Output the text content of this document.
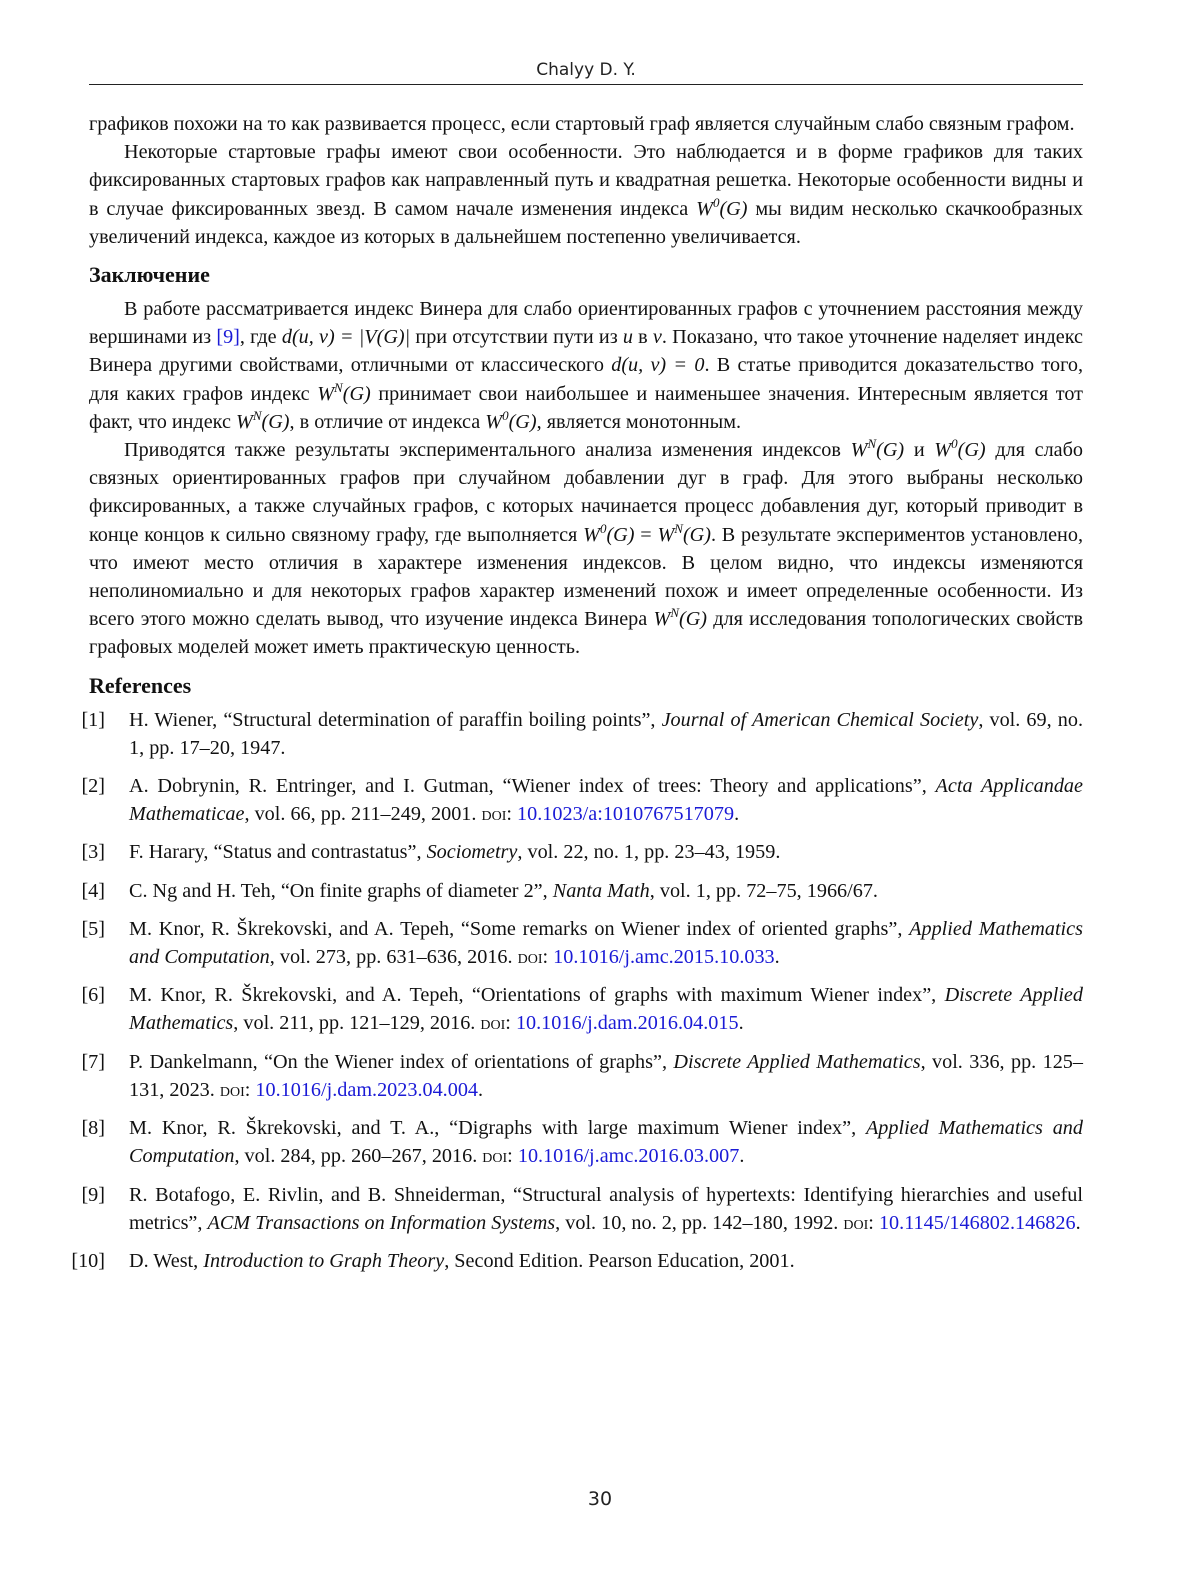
Chalyy D. Y.

графиков похожи на то как развивается процесс, если стартовый граф является случайным слабо связным графом.

Некоторые стартовые графы имеют свои особенности. Это наблюдается и в форме графиков для таких фиксированных стартовых графов как направленный путь и квадратная решетка. Некоторые особенности видны и в случае фиксированных звезд. В самом начале изменения индекса $W^0(G)$ мы видим несколько скачкообразных увеличений индекса, каждое из которых в дальнейшем постепенно увеличивается.

Заключение

В работе рассматривается индекс Винера для слабо ориентированных графов с уточнением расстояния между вершинами из [9], где d(u, v) = |V(G)| при отсутствии пути из u в v. Показано, что такое уточнение наделяет индекс Винера другими свойствами, отличными от классического d(u, v) = 0. В статье приводится доказательство того, для каких графов индекс $W^N(G)$ принимает свои наибольшее и наименьшее значения. Интересным является тот факт, что индекс $W^N(G)$, в отличие от индекса $W^0(G)$, является монотонным.

Приводятся также результаты экспериментального анализа изменения индексов $W^N(G)$ и $W^0(G)$ для слабо связных ориентированных графов при случайном добавлении дуг в граф. Для этого выбраны несколько фиксированных, а также случайных графов, с которых начинается процесс добавления дуг, который приводит в конце концов к сильно связному графу, где выполняется $W^0(G) = W^N(G)$. В результате экспериментов установлено, что имеют место отличия в характере изменения индексов. В целом видно, что индексы изменяются неполиномиально и для некоторых графов характер изменений похож и имеет определенные особенности. Из всего этого можно сделать вывод, что изучение индекса Винера $W^N(G)$ для исследования топологических свойств графовых моделей может иметь практическую ценность.

References
[1]	H. Wiener, “Structural determination of paraffin boiling points”, Journal of American Chemical Society, vol. 69, no. 1, pp. 17–20, 1947.
[2]	A. Dobrynin, R. Entringer, and I. Gutman, “Wiener index of trees: Theory and applications”, Acta Applicandae Mathematicae, vol. 66, pp. 211–249, 2001. doi: 10.1023/a:1010767517079.
[3]	F. Harary, “Status and contrastatus”, Sociometry, vol. 22, no. 1, pp. 23–43, 1959.
[4]	C. Ng and H. Teh, “On finite graphs of diameter 2”, Nanta Math, vol. 1, pp. 72–75, 1966/67.
[5]	M. Knor, R. Škrekovski, and A. Tepeh, “Some remarks on Wiener index of oriented graphs”, Applied Mathematics and Computation, vol. 273, pp. 631–636, 2016. doi: 10.1016/j.amc.2015.10.033.
[6]	M. Knor, R. Škrekovski, and A. Tepeh, “Orientations of graphs with maximum Wiener index”, Discrete Applied Mathematics, vol. 211, pp. 121–129, 2016. doi: 10.1016/j.dam.2016.04.015.
[7]	P. Dankelmann, “On the Wiener index of orientations of graphs”, Discrete Applied Mathematics, vol. 336, pp. 125–131, 2023. doi: 10.1016/j.dam.2023.04.004.
[8]	M. Knor, R. Škrekovski, and T. A., “Digraphs with large maximum Wiener index”, Applied Mathematics and Computation, vol. 284, pp. 260–267, 2016. doi: 10.1016/j.amc.2016.03.007.
[9]	R. Botafogo, E. Rivlin, and B. Shneiderman, “Structural analysis of hypertexts: Identifying hierarchies and useful metrics”, ACM Transactions on Information Systems, vol. 10, no. 2, pp. 142–180, 1992. doi: 10.1145/146802.146826.
[10]	D. West, Introduction to Graph Theory, Second Edition. Pearson Education, 2001.
30
